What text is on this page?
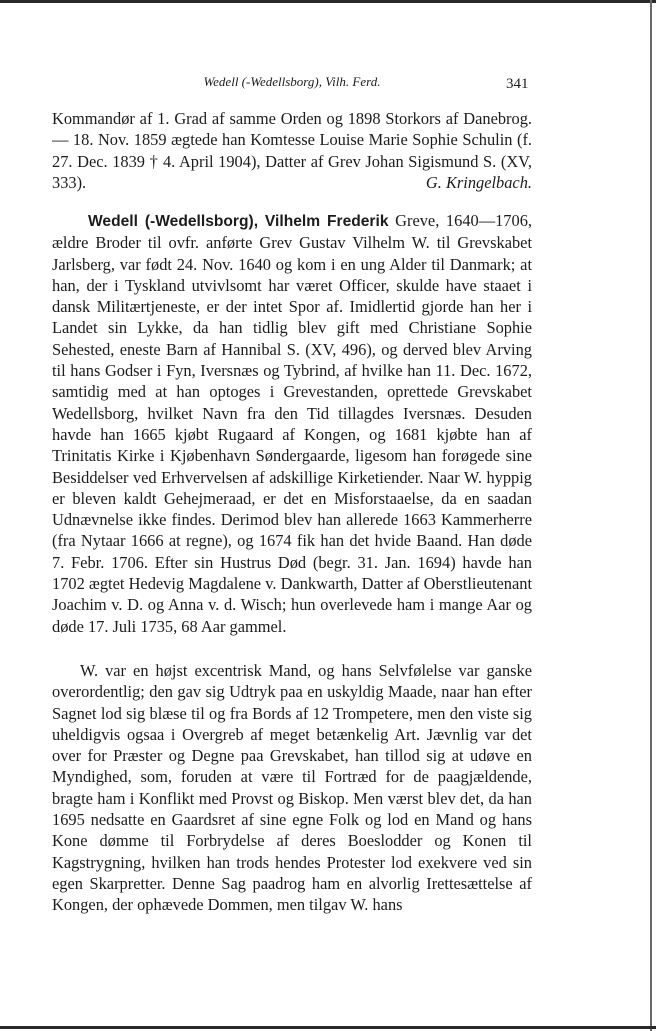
Wedell (-Wedellsborg), Vilh. Ferd.	341

Kommandør af 1. Grad af samme Orden og 1898 Storkors af Danebrog. — 18. Nov. 1859 ægtede han Komtesse Louise Marie Sophie Schulin (f. 27. Dec. 1839 † 4. April 1904), Datter af Grev Johan Sigismund S. (XV, 333).	G. Kringelbach.

Wedell (-Wedellsborg), Vilhelm Frederik Greve, 1640—1706, ældre Broder til ovfr. anførte Grev Gustav Vilhelm W. til Grevskabet Jarlsberg, var født 24. Nov. 1640 og kom i en ung Alder til Danmark; at han, der i Tyskland utvivlsomt har været Officer, skulde have staaet i dansk Militærtjeneste, er der intet Spor af. Imidlertid gjorde han her i Landet sin Lykke, da han tidlig blev gift med Christiane Sophie Sehested, eneste Barn af Hannibal S. (XV, 496), og derved blev Arving til hans Godser i Fyn, Iversnæs og Tybrind, af hvilke han 11. Dec. 1672, samtidig med at han optoges i Grevestanden, oprettede Grevskabet Wedellsborg, hvilket Navn fra den Tid tillagdes Iversnæs. Desuden havde han 1665 kjøbt Rugaard af Kongen, og 1681 kjøbte han af Trinitatis Kirke i Kjøbenhavn Søndergaarde, ligesom han forøgede sine Besiddelser ved Erhvervelsen af adskillige Kirketiender. Naar W. hyppig er bleven kaldt Gehejmeraad, er det en Misforstaaelse, da en saadan Udnævnelse ikke findes. Derimod blev han allerede 1663 Kammerherre (fra Nytaar 1666 at regne), og 1674 fik han det hvide Baand. Han døde 7. Febr. 1706. Efter sin Hustrus Død (begr. 31. Jan. 1694) havde han 1702 ægtet Hedevig Magdalene v. Dankwarth, Datter af Oberstlieutenant Joachim v. D. og Anna v. d. Wisch; hun overlevede ham i mange Aar og døde 17. Juli 1735, 68 Aar gammel.

W. var en højst excentrisk Mand, og hans Selvfølelse var ganske overordentlig; den gav sig Udtryk paa en uskyldig Maade, naar han efter Sagnet lod sig blæse til og fra Bords af 12 Trompetere, men den viste sig uheldigvis ogsaa i Overgreb af meget betænkelig Art. Jævnlig var det over for Præster og Degne paa Grevskabet, han tillod sig at udøve en Myndighed, som, foruden at være til Fortræd for de paagjældende, bragte ham i Konflikt med Provst og Biskop. Men værst blev det, da han 1695 nedsatte en Gaardsret af sine egne Folk og lod en Mand og hans Kone dømme til Forbrydelse af deres Boeslodder og Konen til Kagstrygning, hvilken han trods hendes Protester lod exekvere ved sin egen Skarpretter. Denne Sag paadrog ham en alvorlig Irettesættelse af Kongen, der ophævede Dommen, men tilgav W. hans
